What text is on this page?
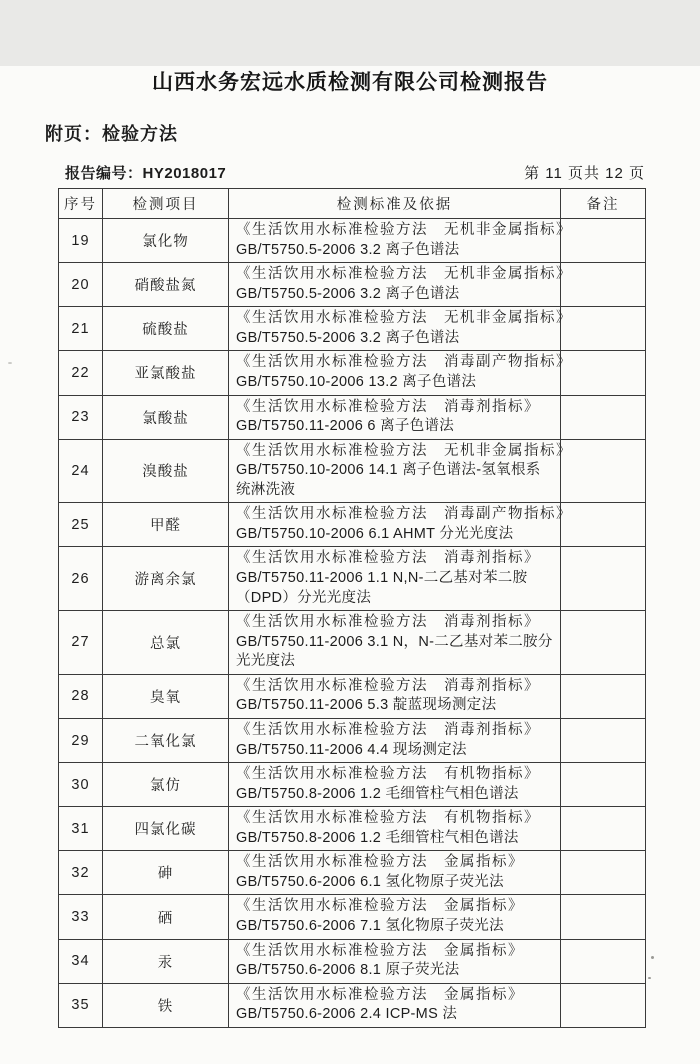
山西水务宏远水质检测有限公司检测报告
附页：检验方法
报告编号：HY2018017	第 11 页共 12 页
序号	检测项目	检测标准及依据	备注
19	氯化物	《生活饮用水标准检验方法　无机非金属指标》
GB/T5750.5-2006 3.2 离子色谱法	

20	硝酸盐氮	《生活饮用水标准检验方法　无机非金属指标》
GB/T5750.5-2006 3.2 离子色谱法	

21	硫酸盐	《生活饮用水标准检验方法　无机非金属指标》
GB/T5750.5-2006 3.2 离子色谱法	

22	亚氯酸盐	《生活饮用水标准检验方法　消毒副产物指标》
GB/T5750.10-2006 13.2 离子色谱法	

23	氯酸盐	《生活饮用水标准检验方法　消毒剂指标》
GB/T5750.11-2006 6 离子色谱法	

24	溴酸盐	《生活饮用水标准检验方法　无机非金属指标》
GB/T5750.10-2006 14.1 离子色谱法-氢氧根系统淋洗液	

25	甲醛	《生活饮用水标准检验方法　消毒副产物指标》
GB/T5750.10-2006 6.1 AHMT 分光光度法	

26	游离余氯	《生活饮用水标准检验方法　消毒剂指标》
GB/T5750.11-2006 1.1 N,N-二乙基对苯二胺（DPD）分光光度法	

27	总氯	《生活饮用水标准检验方法　消毒剂指标》
GB/T5750.11-2006 3.1 N，N-二乙基对苯二胺分光光度法	

28	臭氧	《生活饮用水标准检验方法　消毒剂指标》
GB/T5750.11-2006 5.3 靛蓝现场测定法	

29	二氧化氯	《生活饮用水标准检验方法　消毒剂指标》
GB/T5750.11-2006 4.4 现场测定法	

30	氯仿	《生活饮用水标准检验方法　有机物指标》
GB/T5750.8-2006 1.2 毛细管柱气相色谱法	

31	四氯化碳	《生活饮用水标准检验方法　有机物指标》
GB/T5750.8-2006 1.2 毛细管柱气相色谱法	

32	砷	《生活饮用水标准检验方法　金属指标》
GB/T5750.6-2006 6.1 氢化物原子荧光法	

33	硒	《生活饮用水标准检验方法　金属指标》
GB/T5750.6-2006 7.1 氢化物原子荧光法	

34	汞	《生活饮用水标准检验方法　金属指标》
GB/T5750.6-2006 8.1 原子荧光法	

35	铁	《生活饮用水标准检验方法　金属指标》
GB/T5750.6-2006 2.4 ICP-MS 法	
